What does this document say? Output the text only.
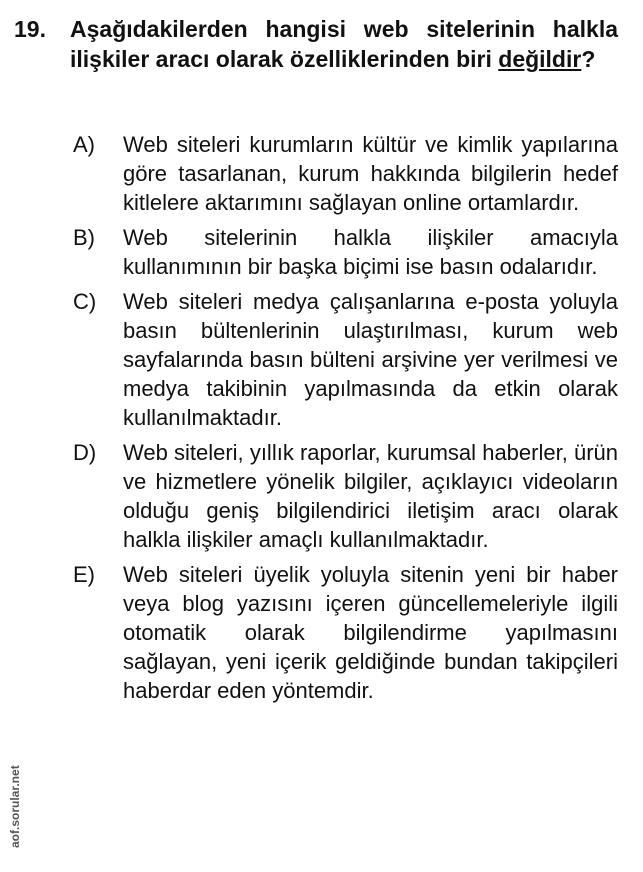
19.	Aşağıdakilerden hangisi web sitelerinin halkla ilişkiler aracı olarak özelliklerinden biri değildir?
A)	Web siteleri kurumların kültür ve kimlik yapılarına göre tasarlanan, kurum hakkında bilgilerin hedef kitlelere aktarımını sağlayan online ortamlardır.
B)	Web sitelerinin halkla ilişkiler amacıyla kullanımının bir başka biçimi ise basın odalarıdır.
C)	Web siteleri medya çalışanlarına e-posta yoluyla basın bültenlerinin ulaştırılması, kurum web sayfalarında basın bülteni arşivine yer verilmesi ve medya takibinin yapılmasında da etkin olarak kullanılmaktadır.
D)	Web siteleri, yıllık raporlar, kurumsal haberler, ürün ve hizmetlere yönelik bilgiler, açıklayıcı videoların olduğu geniş bilgilendirici iletişim aracı olarak halkla ilişkiler amaçlı kullanılmaktadır.
E)	Web siteleri üyelik yoluyla sitenin yeni bir haber veya blog yazısını içeren güncellemeleriyle ilgili otomatik olarak bilgilendirme yapılmasını sağlayan, yeni içerik geldiğinde bundan takipçileri haberdar eden yöntemdir.
aof.sorular.net
